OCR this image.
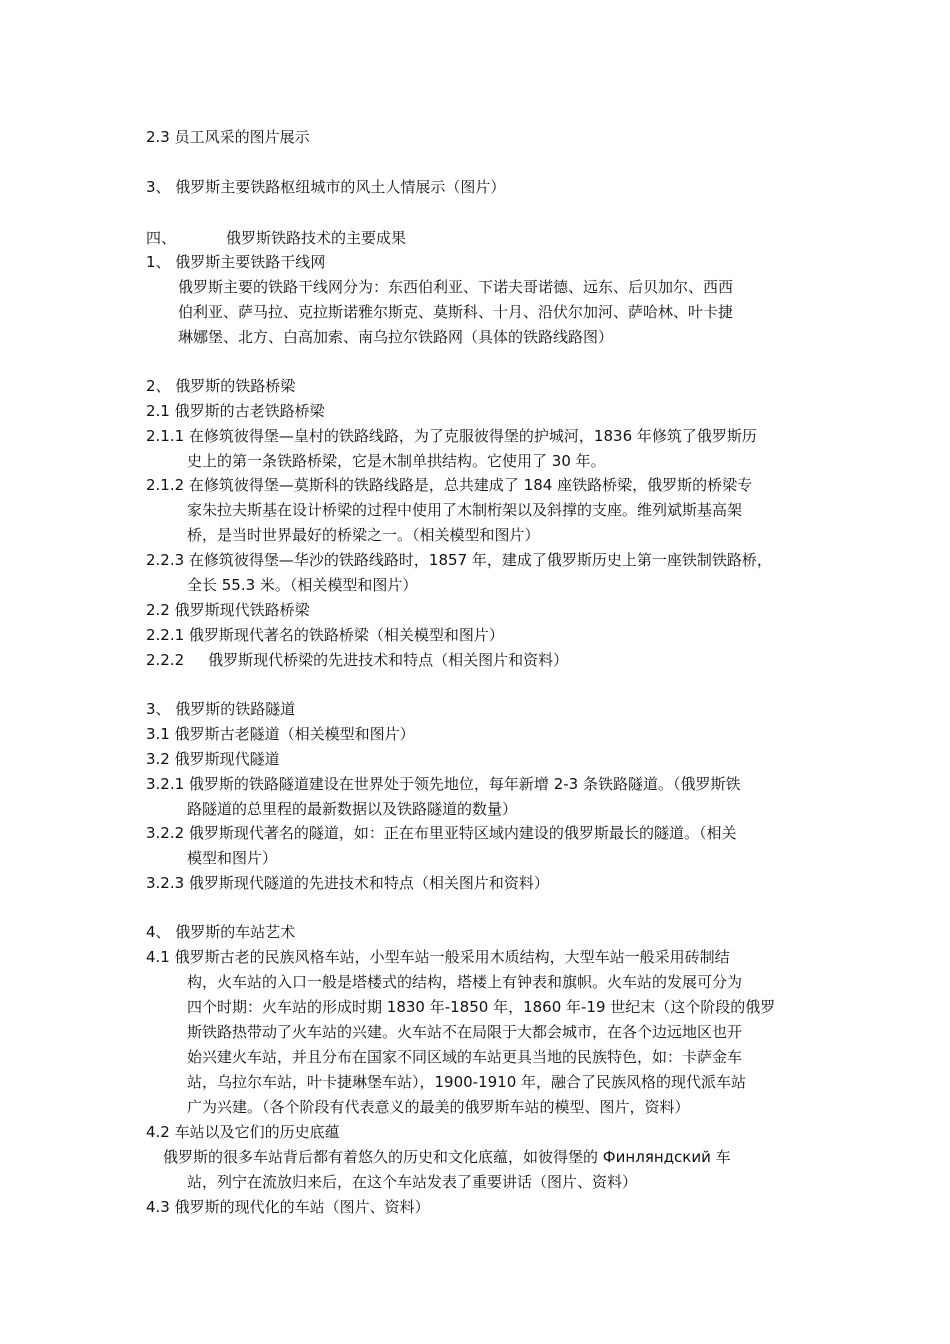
2.3 员工风采的图片展示
3、 俄罗斯主要铁路枢纽城市的风土人情展示（图片）
四、	俄罗斯铁路技术的主要成果
1、 俄罗斯主要铁路干线网
俄罗斯主要的铁路干线网分为：东西伯利亚、下诺夫哥诺德、远东、后贝加尔、西西
伯利亚、萨马拉、克拉斯诺雅尔斯克、莫斯科、十月、沿伏尔加河、萨哈林、叶卡捷
琳娜堡、北方、白高加索、南乌拉尔铁路网（具体的铁路线路图）
2、 俄罗斯的铁路桥梁
2.1 俄罗斯的古老铁路桥梁
2.1.1 在修筑彼得堡—皇村的铁路线路，为了克服彼得堡的护城河，1836 年修筑了俄罗斯历
史上的第一条铁路桥梁，它是木制单拱结构。它使用了 30 年。
2.1.2 在修筑彼得堡—莫斯科的铁路线路是，总共建成了 184 座铁路桥梁，俄罗斯的桥梁专
家朱拉夫斯基在设计桥梁的过程中使用了木制桁架以及斜撑的支座。维列斌斯基高架
桥，是当时世界最好的桥梁之一。（相关模型和图片）
2.2.3 在修筑彼得堡—华沙的铁路线路时，1857 年，建成了俄罗斯历史上第一座铁制铁路桥，
全长 55.3 米。（相关模型和图片）
2.2 俄罗斯现代铁路桥梁
2.2.1 俄罗斯现代著名的铁路桥梁（相关模型和图片）
2.2.2 俄罗斯现代桥梁的先进技术和特点（相关图片和资料）
3、 俄罗斯的铁路隧道
3.1 俄罗斯古老隧道（相关模型和图片）
3.2 俄罗斯现代隧道
3.2.1 俄罗斯的铁路隧道建设在世界处于领先地位，每年新增 2-3 条铁路隧道。（俄罗斯铁
路隧道的总里程的最新数据以及铁路隧道的数量）
3.2.2 俄罗斯现代著名的隧道，如：正在布里亚特区域内建设的俄罗斯最长的隧道。（相关
模型和图片）
3.2.3 俄罗斯现代隧道的先进技术和特点（相关图片和资料）
4、 俄罗斯的车站艺术
4.1 俄罗斯古老的民族风格车站，小型车站一般采用木质结构，大型车站一般采用砖制结
构，火车站的入口一般是塔楼式的结构，塔楼上有钟表和旗帜。火车站的发展可分为
四个时期：火车站的形成时期 1830 年-1850 年，1860 年-19 世纪末（这个阶段的俄罗
斯铁路热带动了火车站的兴建。火车站不在局限于大都会城市，在各个边远地区也开
始兴建火车站，并且分布在国家不同区域的车站更具当地的民族特色，如：卡萨金车
站，乌拉尔车站，叶卡捷琳堡车站），1900-1910 年，融合了民族风格的现代派车站
广为兴建。（各个阶段有代表意义的最美的俄罗斯车站的模型、图片，资料）
4.2 车站以及它们的历史底蕴
俄罗斯的很多车站背后都有着悠久的历史和文化底蕴，如彼得堡的 Финляндский 车
站，列宁在流放归来后，在这个车站发表了重要讲话（图片、资料）
4.3 俄罗斯的现代化的车站（图片、资料）
